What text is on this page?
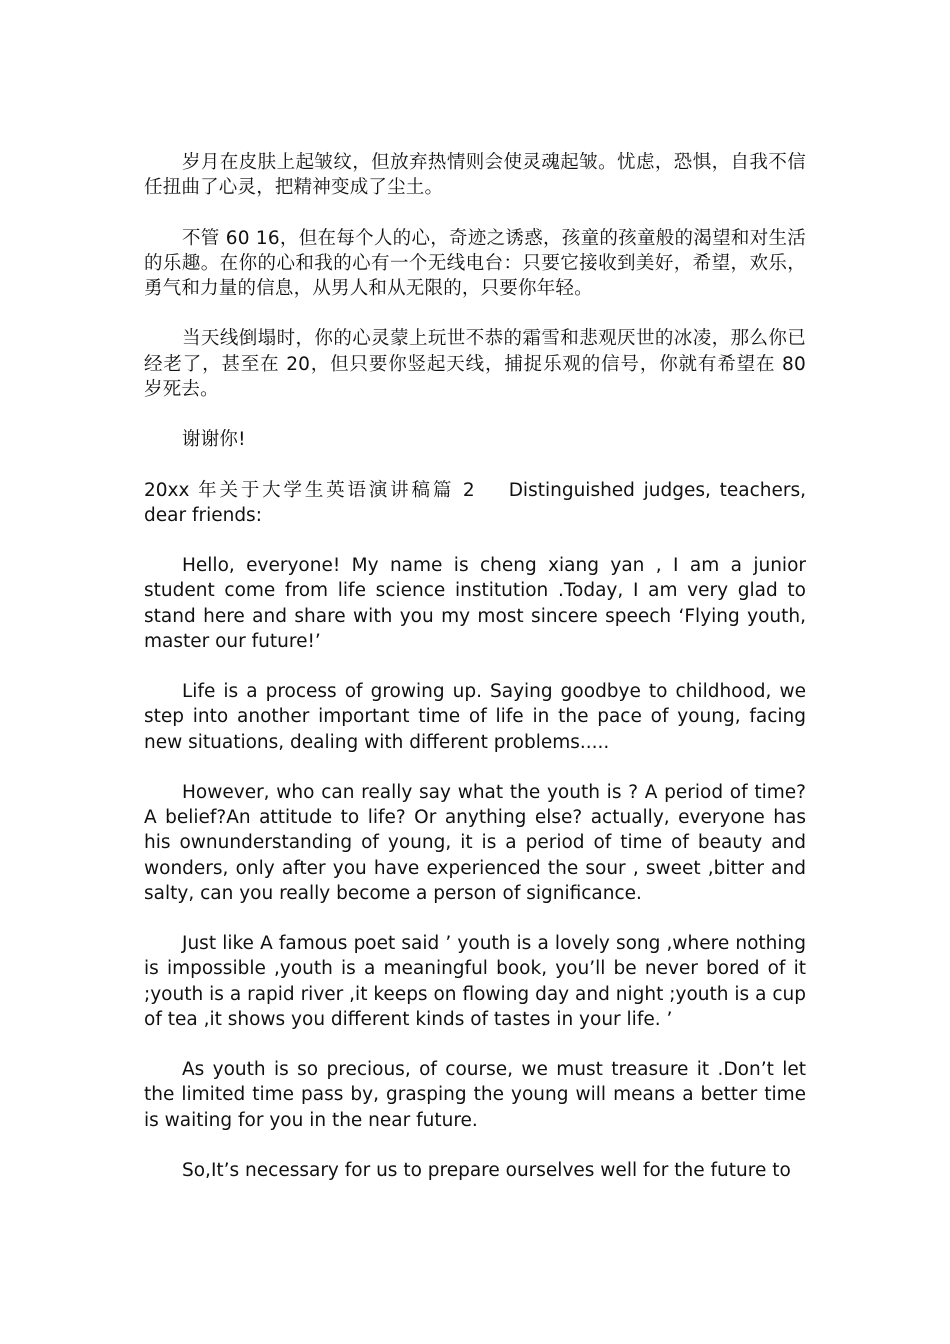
岁月在皮肤上起皱纹，但放弃热情则会使灵魂起皱。忧虑，恐惧，自我不信任扭曲了心灵，把精神变成了尘土。

不管 60 16，但在每个人的心，奇迹之诱惑，孩童的孩童般的渴望和对生活的乐趣。在你的心和我的心有一个无线电台：只要它接收到美好，希望，欢乐，勇气和力量的信息，从男人和从无限的，只要你年轻。

当天线倒塌时，你的心灵蒙上玩世不恭的霜雪和悲观厌世的冰凌，那么你已经老了，甚至在 20，但只要你竖起天线，捕捉乐观的信号，你就有希望在 80 岁死去。

谢谢你!

20xx 年关于大学生英语演讲稿篇 2 Distinguished judges, teachers, dear friends:

Hello, everyone! My name is cheng xiang yan , I am a junior student come from life science institution .Today, I am very glad to stand here and share with you my most sincere speech ‘Flying youth, master our future!’

Life is a process of growing up. Saying goodbye to childhood, we step into another important time of life in the pace of young, facing new situations, dealing with different problems.....

However, who can really say what the youth is ? A period of time? A belief?An attitude to life? Or anything else? actually, everyone has his ownunderstanding of young, it is a period of time of beauty and wonders, only after you have experienced the sour , sweet ,bitter and salty, can you really become a person of significance.

Just like A famous poet said ’ youth is a lovely song ,where nothing is impossible ,youth is a meaningful book, you’ll be never bored of it ;youth is a rapid river ,it keeps on flowing day and night ;youth is a cup of tea ,it shows you different kinds of tastes in your life. ’

As youth is so precious, of course, we must treasure it .Don’t let the limited time pass by, grasping the young will means a better time is waiting for you in the near future.

So,It’s necessary for us to prepare ourselves well for the future to
